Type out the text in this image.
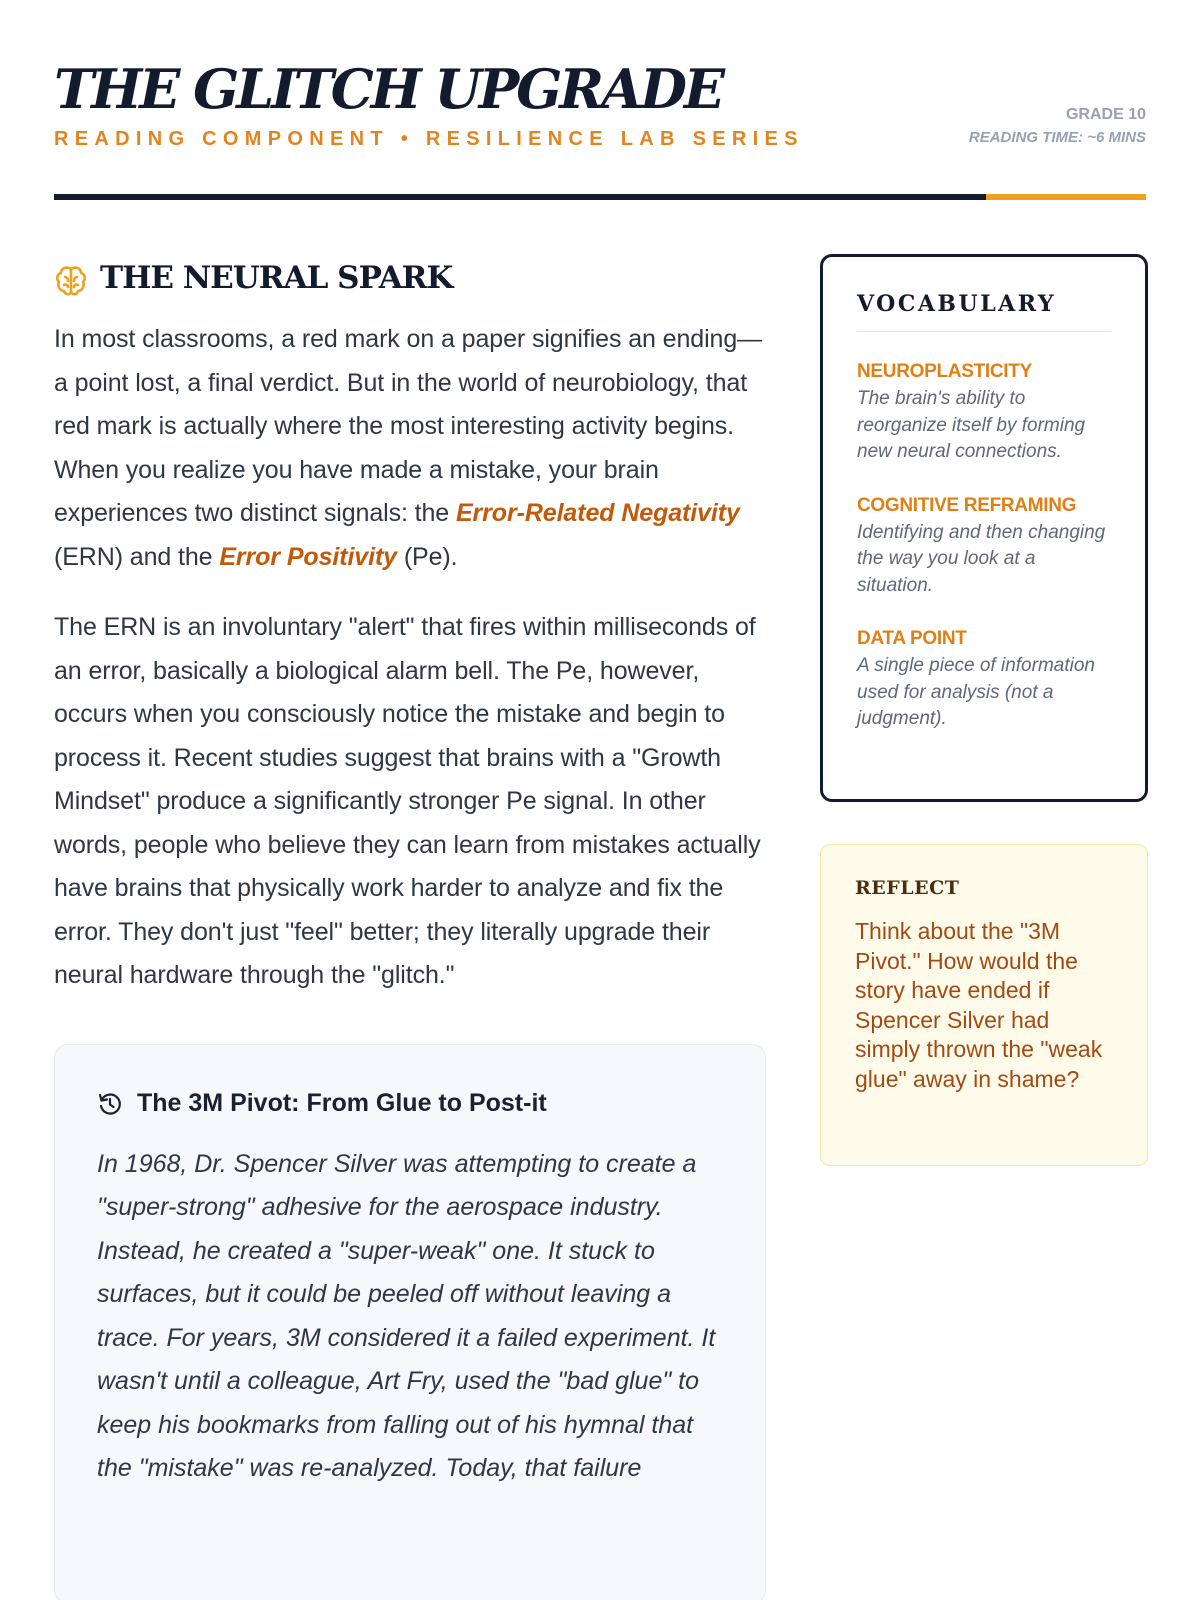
THE GLITCH UPGRADE
READING COMPONENT • RESILIENCE LAB SERIES
GRADE 10
READING TIME: ~6 MINS
THE NEURAL SPARK

In most classrooms, a red mark on a paper signifies an ending—a point lost, a final verdict. But in the world of neurobiology, that red mark is actually where the most interesting activity begins. When you realize you have made a mistake, your brain experiences two distinct signals: the Error-Related Negativity (ERN) and the Error Positivity (Pe).

The ERN is an involuntary "alert" that fires within milliseconds of an error, basically a biological alarm bell. The Pe, however, occurs when you consciously notice the mistake and begin to process it. Recent studies suggest that brains with a "Growth Mindset" produce a significantly stronger Pe signal. In other words, people who believe they can learn from mistakes actually have brains that physically work harder to analyze and fix the error. They don't just "feel" better; they literally upgrade their neural hardware through the "glitch."

The 3M Pivot: From Glue to Post-it

In 1968, Dr. Spencer Silver was attempting to create a "super-strong" adhesive for the aerospace industry. Instead, he created a "super-weak" one. It stuck to surfaces, but it could be peeled off without leaving a trace. For years, 3M considered it a failed experiment. It wasn't until a colleague, Art Fry, used the "bad glue" to keep his bookmarks from falling out of his hymnal that the "mistake" was re-analyzed. Today, that failure

VOCABULARY
NEUROPLASTICITY
The brain's ability to reorganize itself by forming new neural connections.
COGNITIVE REFRAMING
Identifying and then changing the way you look at a situation.
DATA POINT
A single piece of information used for analysis (not a judgment).
REFLECT

Think about the "3M Pivot." How would the story have ended if Spencer Silver had simply thrown the "weak glue" away in shame?
